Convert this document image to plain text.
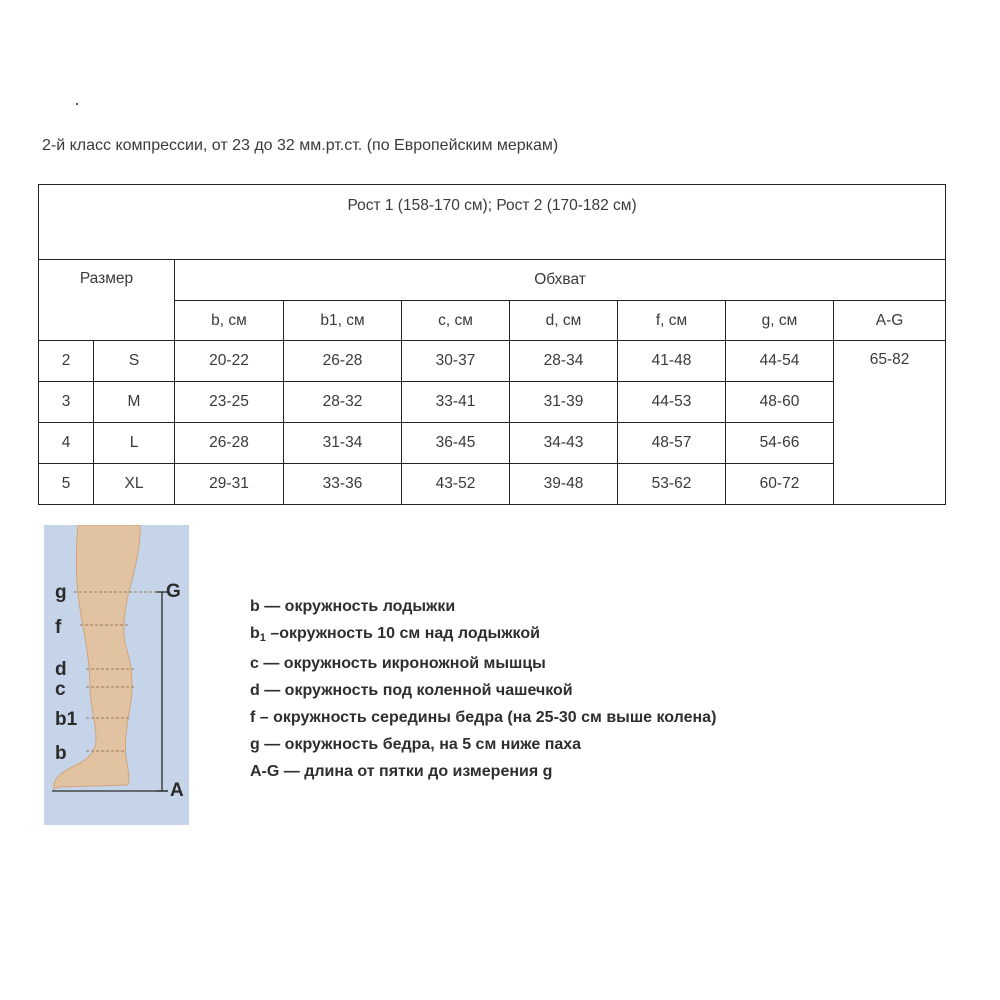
2-й класс компрессии, от 23 до 32 мм.рт.ст. (по Европейским меркам)
Рост 1 (158-170 см); Рост 2 (170-182 см)								
Размер		Обхват						
		b, см	b1, см	c, см	d, см	f, см	g, см	A-G
2	S	20-22	26-28	30-37	28-34	41-48	44-54	65-82
3	M	23-25	28-32	33-41	31-39	44-53	48-60	
4	L	26-28	31-34	36-45	34-43	48-57	54-66	
5	XL	29-31	33-36	43-52	39-48	53-62	60-72	
g
f
d
c
b1
b
G
A
b — окружность лодыжки
$b_1$ –окружность 10 см над лодыжкой
c — окружность икроножной мышцы
d — окружность под коленной чашечкой
f – окружность середины бедра (на 25-30 см выше колена)
g — окружность бедра, на 5 см ниже паха
A-G — длина от пятки до измерения g
